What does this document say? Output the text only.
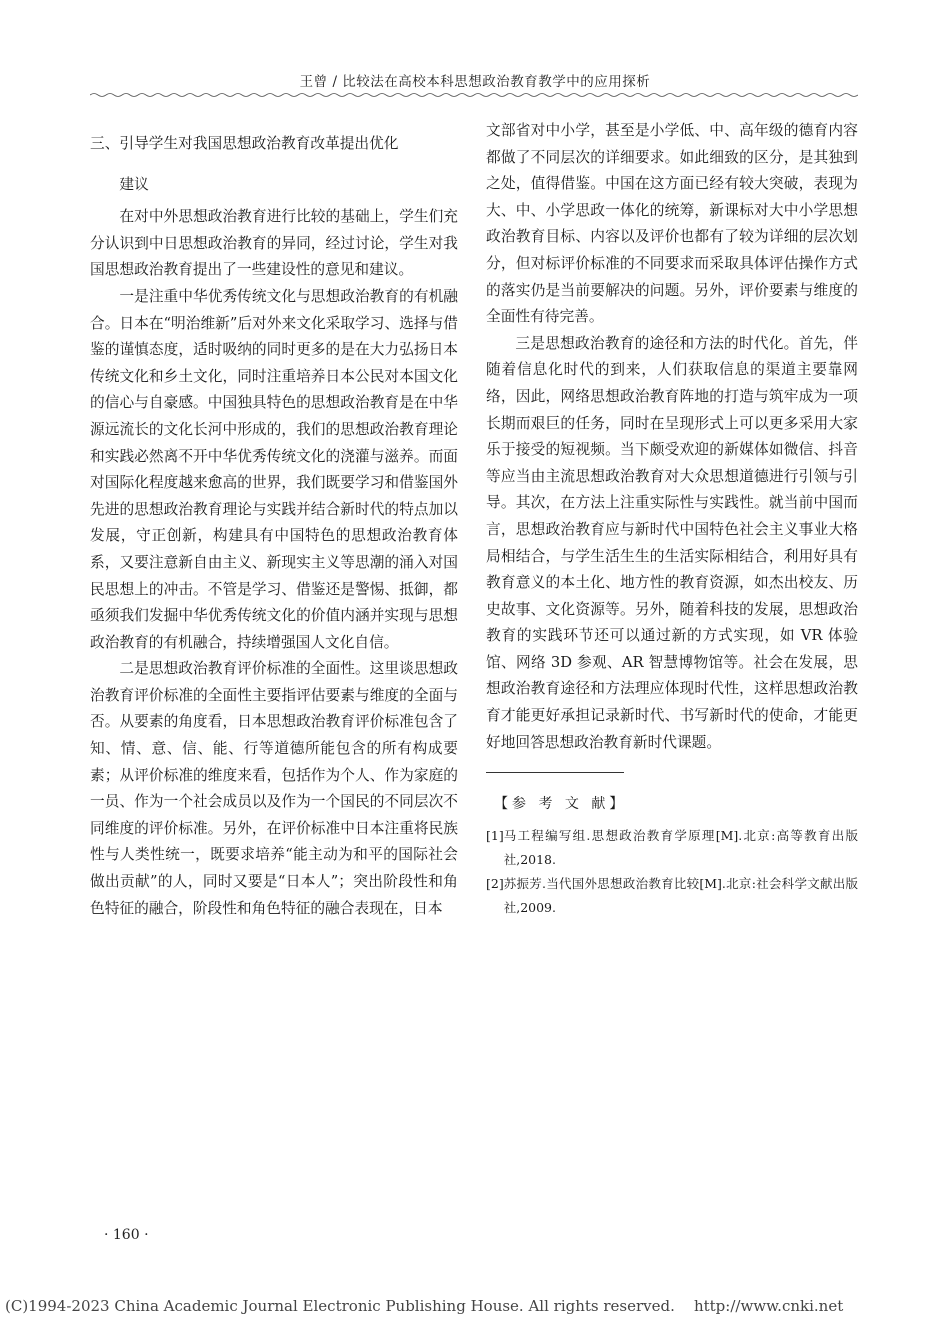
王曾 / 比较法在高校本科思想政治教育教学中的应用探析
三、引导学生对我国思想政治教育改革提出优化
建议

在对中外思想政治教育进行比较的基础上，学生们充分认识到中日思想政治教育的异同，经过讨论，学生对我国思想政治教育提出了一些建设性的意见和建议。

一是注重中华优秀传统文化与思想政治教育的有机融合。日本在“明治维新”后对外来文化采取学习、选择与借鉴的谨慎态度，适时吸纳的同时更多的是在大力弘扬日本传统文化和乡土文化，同时注重培养日本公民对本国文化的信心与自豪感。中国独具特色的思想政治教育是在中华源远流长的文化长河中形成的，我们的思想政治教育理论和实践必然离不开中华优秀传统文化的浇灌与滋养。而面对国际化程度越来愈高的世界，我们既要学习和借鉴国外先进的思想政治教育理论与实践并结合新时代的特点加以发展，守正创新，构建具有中国特色的思想政治教育体系，又要注意新自由主义、新现实主义等思潮的涌入对国民思想上的冲击。不管是学习、借鉴还是警惕、抵御，都亟须我们发掘中华优秀传统文化的价值内涵并实现与思想政治教育的有机融合，持续增强国人文化自信。

二是思想政治教育评价标准的全面性。这里谈思想政治教育评价标准的全面性主要指评估要素与维度的全面与否。从要素的角度看，日本思想政治教育评价标准包含了知、情、意、信、能、行等道德所能包含的所有构成要素；从评价标准的维度来看，包括作为个人、作为家庭的一员、作为一个社会成员以及作为一个国民的不同层次不同维度的评价标准。另外，在评价标准中日本注重将民族性与人类性统一，既要求培养“能主动为和平的国际社会做出贡献”的人，同时又要是“日本人”；突出阶段性和角色特征的融合，阶段性和角色特征的融合表现在，日本

文部省对中小学，甚至是小学低、中、高年级的德育内容都做了不同层次的详细要求。如此细致的区分，是其独到之处，值得借鉴。中国在这方面已经有较大突破，表现为大、中、小学思政一体化的统筹，新课标对大中小学思想政治教育目标、内容以及评价也都有了较为详细的层次划分，但对标评价标准的不同要求而采取具体评估操作方式的落实仍是当前要解决的问题。另外，评价要素与维度的全面性有待完善。

三是思想政治教育的途径和方法的时代化。首先，伴随着信息化时代的到来，人们获取信息的渠道主要靠网络，因此，网络思想政治教育阵地的打造与筑牢成为一项长期而艰巨的任务，同时在呈现形式上可以更多采用大家乐于接受的短视频。当下颇受欢迎的新媒体如微信、抖音等应当由主流思想政治教育对大众思想道德进行引领与引导。其次，在方法上注重实际性与实践性。就当前中国而言，思想政治教育应与新时代中国特色社会主义事业大格局相结合，与学生活生生的生活实际相结合，利用好具有教育意义的本土化、地方性的教育资源，如杰出校友、历史故事、文化资源等。另外，随着科技的发展，思想政治教育的实践环节还可以通过新的方式实现，如 VR 体验馆、网络 3D 参观、AR 智慧博物馆等。社会在发展，思想政治教育途径和方法理应体现时代性，这样思想政治教育才能更好承担记录新时代、书写新时代的使命，才能更好地回答思想政治教育新时代课题。

【参 考 文 献】
[1] 马工程编写组.思想政治教育学原理[M].北京:高等教育出版社,2018.
[2] 苏振芳.当代国外思想政治教育比较[M].北京:社会科学文献出版社,2009.
· 160 ·
(C)1994-2023 China Academic Journal Electronic Publishing House. All rights reserved.    http://www.cnki.net
